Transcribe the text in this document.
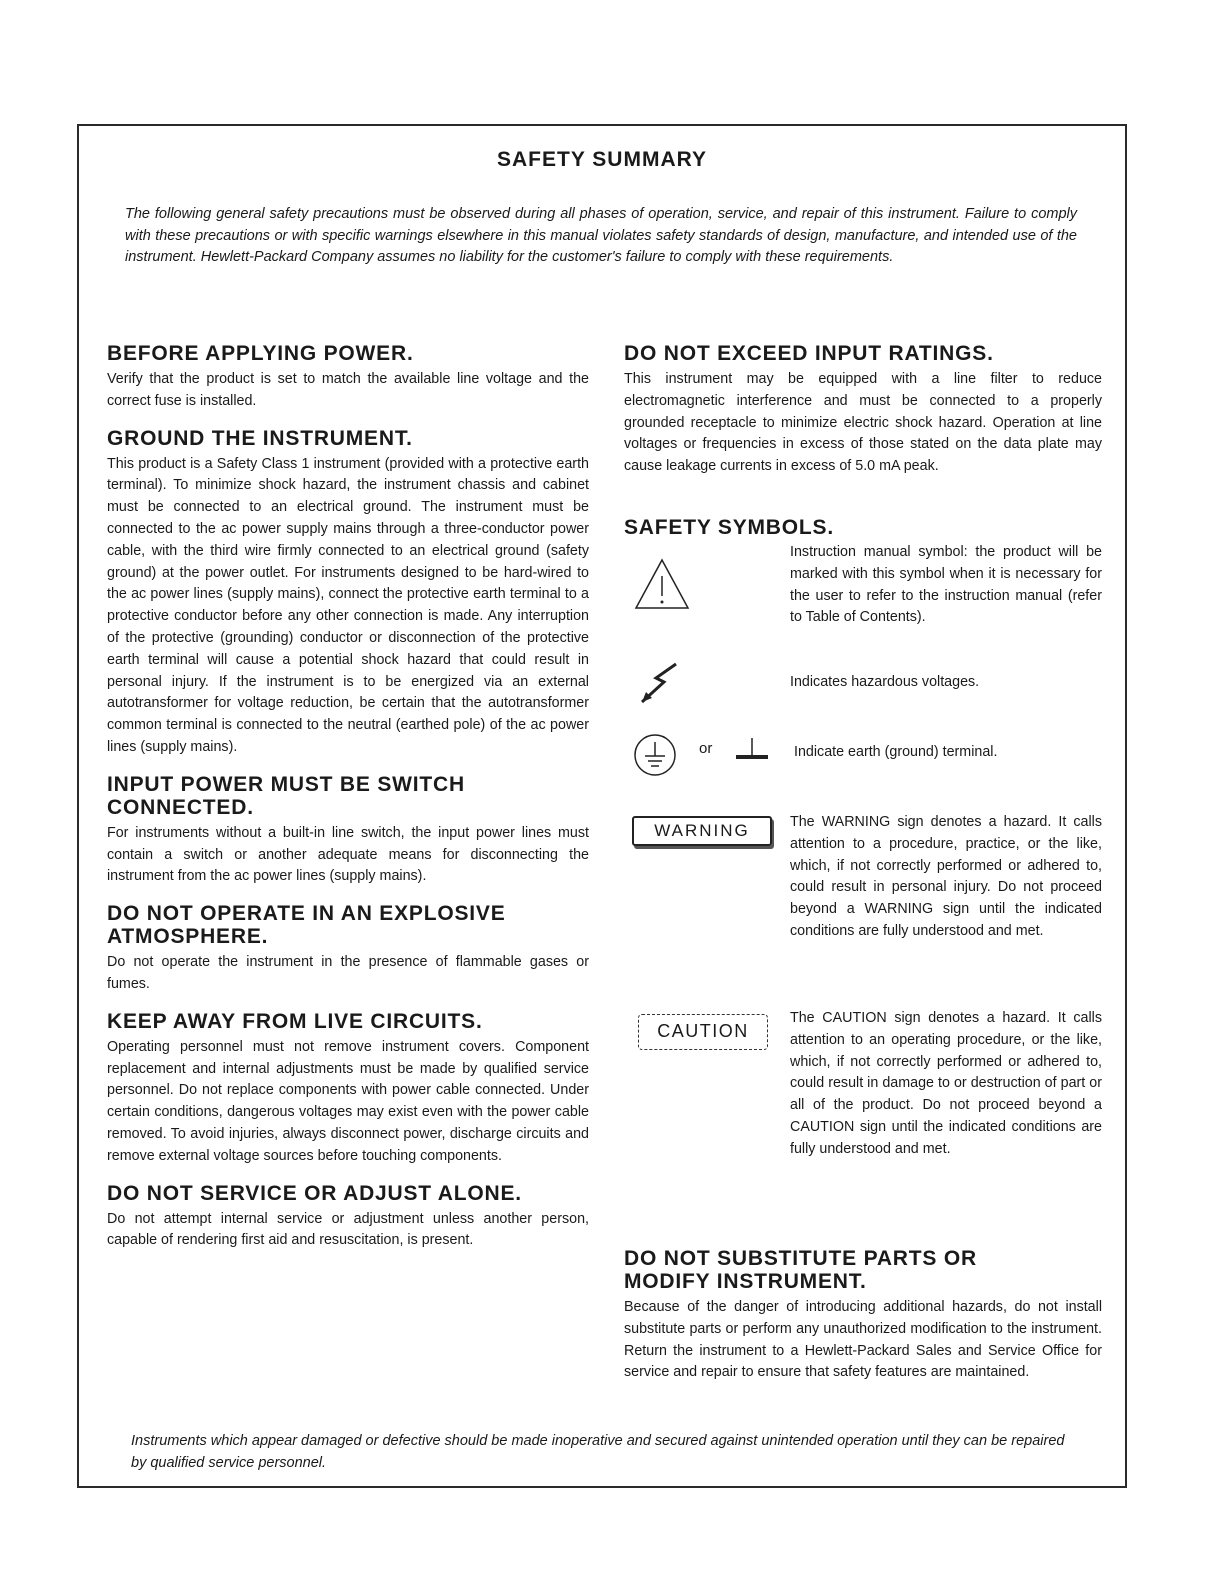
SAFETY SUMMARY

The following general safety precautions must be observed during all phases of operation, service, and repair of this instrument. Failure to comply with these precautions or with specific warnings elsewhere in this manual violates safety standards of design, manufacture, and intended use of the instrument. Hewlett-Packard Company assumes no liability for the customer's failure to comply with these requirements.

BEFORE APPLYING POWER.

Verify that the product is set to match the available line voltage and the correct fuse is installed.

GROUND THE INSTRUMENT.

This product is a Safety Class 1 instrument (provided with a protective earth terminal). To minimize shock hazard, the instrument chassis and cabinet must be connected to an electrical ground. The instrument must be connected to the ac power supply mains through a three-conductor power cable, with the third wire firmly connected to an electrical ground (safety ground) at the power outlet. For instruments designed to be hard-wired to the ac power lines (supply mains), connect the protective earth terminal to a protective conductor before any other connection is made. Any interruption of the protective (grounding) conductor or disconnection of the protective earth terminal will cause a potential shock hazard that could result in personal injury. If the instrument is to be energized via an external autotransformer for voltage reduction, be certain that the autotransformer common terminal is connected to the neutral (earthed pole) of the ac power lines (supply mains).

INPUT POWER MUST BE SWITCH CONNECTED.

For instruments without a built-in line switch, the input power lines must contain a switch or another adequate means for disconnecting the instrument from the ac power lines (supply mains).

DO NOT OPERATE IN AN EXPLOSIVE ATMOSPHERE.

Do not operate the instrument in the presence of flammable gases or fumes.

KEEP AWAY FROM LIVE CIRCUITS.

Operating personnel must not remove instrument covers. Component replacement and internal adjustments must be made by qualified service personnel. Do not replace components with power cable connected. Under certain conditions, dangerous voltages may exist even with the power cable removed. To avoid injuries, always disconnect power, discharge circuits and remove external voltage sources before touching components.

DO NOT SERVICE OR ADJUST ALONE.

Do not attempt internal service or adjustment unless another person, capable of rendering first aid and resuscitation, is present.

DO NOT EXCEED INPUT RATINGS.

This instrument may be equipped with a line filter to reduce electromagnetic interference and must be connected to a properly grounded receptacle to minimize electric shock hazard. Operation at line voltages or frequencies in excess of those stated on the data plate may cause leakage currents in excess of 5.0 mA peak.

SAFETY SYMBOLS.

Instruction manual symbol: the product will be marked with this symbol when it is necessary for the user to refer to the instruction manual (refer to Table of Contents).

Indicates hazardous voltages.

or	Indicate earth (ground) terminal.

WARNING	The WARNING sign denotes a hazard. It calls attention to a procedure, practice, or the like, which, if not correctly performed or adhered to, could result in personal injury. Do not proceed beyond a WARNING sign until the indicated conditions are fully understood and met.

CAUTION

The CAUTION sign denotes a hazard. It calls attention to an operating procedure, or the like, which, if not correctly performed or adhered to, could result in damage to or destruction of part or all of the product. Do not proceed beyond a CAUTION sign until the indicated conditions are fully understood and met.

DO NOT SUBSTITUTE PARTS OR MODIFY INSTRUMENT.

Because of the danger of introducing additional hazards, do not install substitute parts or perform any unauthorized modification to the instrument. Return the instrument to a Hewlett-Packard Sales and Service Office for service and repair to ensure that safety features are maintained.

Instruments which appear damaged or defective should be made inoperative and secured against unintended operation until they can be repaired by qualified service personnel.
